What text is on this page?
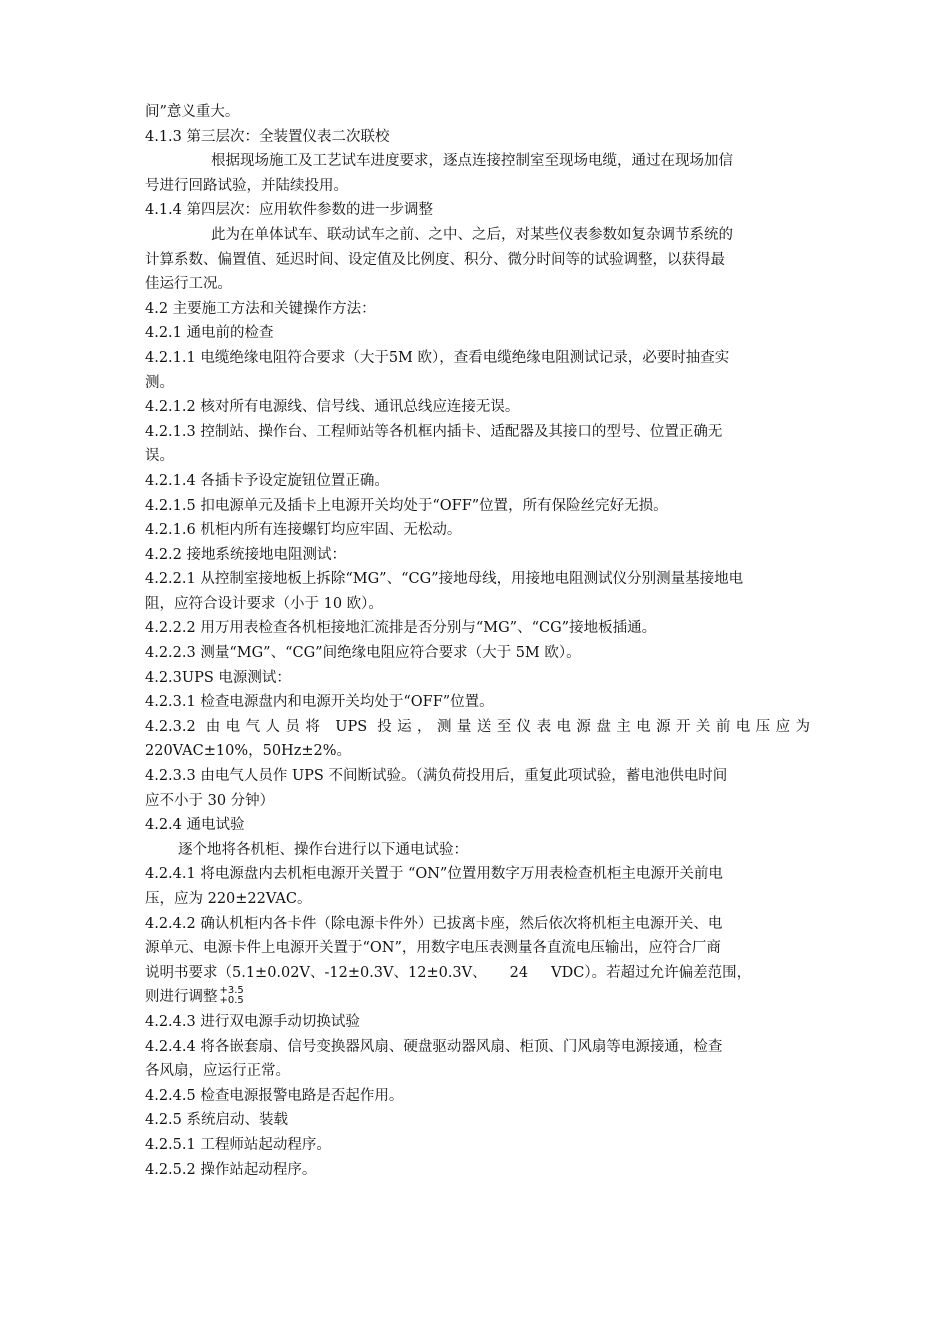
间”意义重大。
4.1.3 第三层次：全装置仪表二次联校
根据现场施工及工艺试车进度要求，逐点连接控制室至现场电缆，通过在现场加信
号进行回路试验，并陆续投用。
4.1.4 第四层次：应用软件参数的进一步调整
此为在单体试车、联动试车之前、之中、之后，对某些仪表参数如复杂调节系统的
计算系数、偏置值、延迟时间、设定值及比例度、积分、微分时间等的试验调整，以获得最
佳运行工况。
4.2 主要施工方法和关键操作方法：
4.2.1 通电前的检查
4.2.1.1 电缆绝缘电阻符合要求（大于5M 欧），查看电缆绝缘电阻测试记录，必要时抽查实
测。
4.2.1.2 核对所有电源线、信号线、通讯总线应连接无误。
4.2.1.3 控制站、操作台、工程师站等各机框内插卡、适配器及其接口的型号、位置正确无
误。
4.2.1.4 各插卡予设定旋钮位置正确。
4.2.1.5 扣电源单元及插卡上电源开关均处于“OFF”位置，所有保险丝完好无损。
4.2.1.6 机柜内所有连接螺钉均应牢固、无松动。
4.2.2 接地系统接地电阻测试：
4.2.2.1 从控制室接地板上拆除“MG”、“CG”接地母线，用接地电阻测试仪分别测量基接地电
阻，应符合设计要求（小于 10 欧）。
4.2.2.2 用万用表检查各机柜接地汇流排是否分别与“MG”、“CG”接地板插通。
4.2.2.3 测量“MG”、“CG”间绝缘电阻应符合要求（大于 5M 欧）。
4.2.3UPS 电源测试：
4.2.3.1 检查电源盘内和电源开关均处于“OFF”位置。
4.2.3.2 由电气人员将 UPS 投运，测量送至仪表电源盘主电源开关前电压应为
220VAC±10%，50Hz±2%。
4.2.3.3 由电气人员作 UPS 不间断试验。（满负荷投用后，重复此项试验，蓄电池供电时间
应不小于 30 分钟）
4.2.4 通电试验
逐个地将各机柜、操作台进行以下通电试验：
4.2.4.1 将电源盘内去机柜电源开关置于 “ON”位置用数字万用表检查机柜主电源开关前电
压，应为 220±22VAC。
4.2.4.2 确认机柜内各卡件（除电源卡件外）已拔离卡座，然后依次将机柜主电源开关、电
源单元、电源卡件上电源开关置于“ON”，用数字电压表测量各直流电压输出，应符合厂商
说明书要求（5.1±0.02V、-12±0.3V、12±0.3V、     24     VDC）。若超过允许偏差范围，
则进行调整 +3.5
+0.5
4.2.4.3 进行双电源手动切换试验
4.2.4.4 将各嵌套扇、信号变换器风扇、硬盘驱动器风扇、柜顶、门风扇等电源接通，检查
各风扇，应运行正常。
4.2.4.5 检查电源报警电路是否起作用。
4.2.5 系统启动、装载
4.2.5.1 工程师站起动程序。
4.2.5.2 操作站起动程序。
